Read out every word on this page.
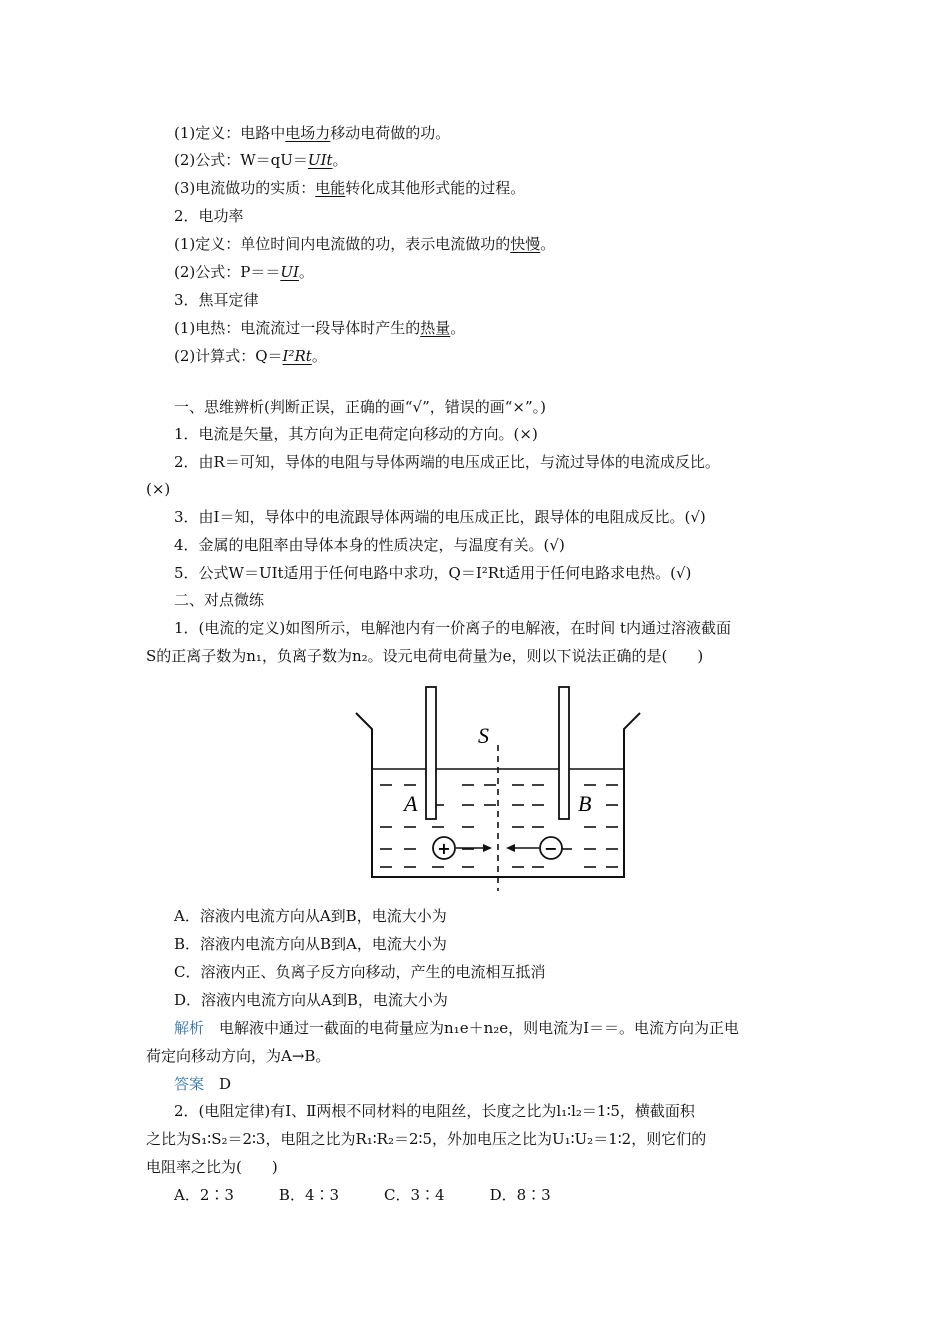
(1)定义：电路中电场力移动电荷做的功。
(2)公式：W＝qU＝UIt。
(3)电流做功的实质：电能转化成其他形式能的过程。
2．电功率
(1)定义：单位时间内电流做的功，表示电流做功的快慢。
(2)公式：P＝＝UI。
3．焦耳定律
(1)电热：电流流过一段导体时产生的热量。
(2)计算式：Q＝I²Rt。
一、思维辨析(判断正误，正确的画“√”，错误的画“×”。)
1．电流是矢量，其方向为正电荷定向移动的方向。(×)
2．由R＝可知，导体的电阻与导体两端的电压成正比，与流过导体的电流成反比。
(×)
3．由I＝知，导体中的电流跟导体两端的电压成正比，跟导体的电阻成反比。(√)
4．金属的电阻率由导体本身的性质决定，与温度有关。(√)
5．公式W＝UIt适用于任何电路中求功，Q＝I²Rt适用于任何电路求电热。(√)
二、对点微练
1．(电流的定义)如图所示，电解池内有一价离子的电解液，在时间 t内通过溶液截面
S的正离子数为n₁，负离子数为n₂。设元电荷电荷量为e，则以下说法正确的是(　　)
S
A	B
+	−
A．溶液内电流方向从A到B，电流大小为
B．溶液内电流方向从B到A，电流大小为
C．溶液内正、负离子反方向移动，产生的电流相互抵消
D．溶液内电流方向从A到B，电流大小为
解析　电解液中通过一截面的电荷量应为n₁e＋n₂e，则电流为I＝＝。电流方向为正电
荷定向移动方向，为A→B。
答案　D
2．(电阻定律)有Ⅰ、Ⅱ两根不同材料的电阻丝，长度之比为l₁∶l₂＝1∶5，横截面积
之比为S₁∶S₂＝2∶3，电阻之比为R₁∶R₂＝2∶5，外加电压之比为U₁∶U₂＝1∶2，则它们的
电阻率之比为(　　)
A．2∶3　　　B．4∶3　　　C．3∶4　　　D．8∶3
